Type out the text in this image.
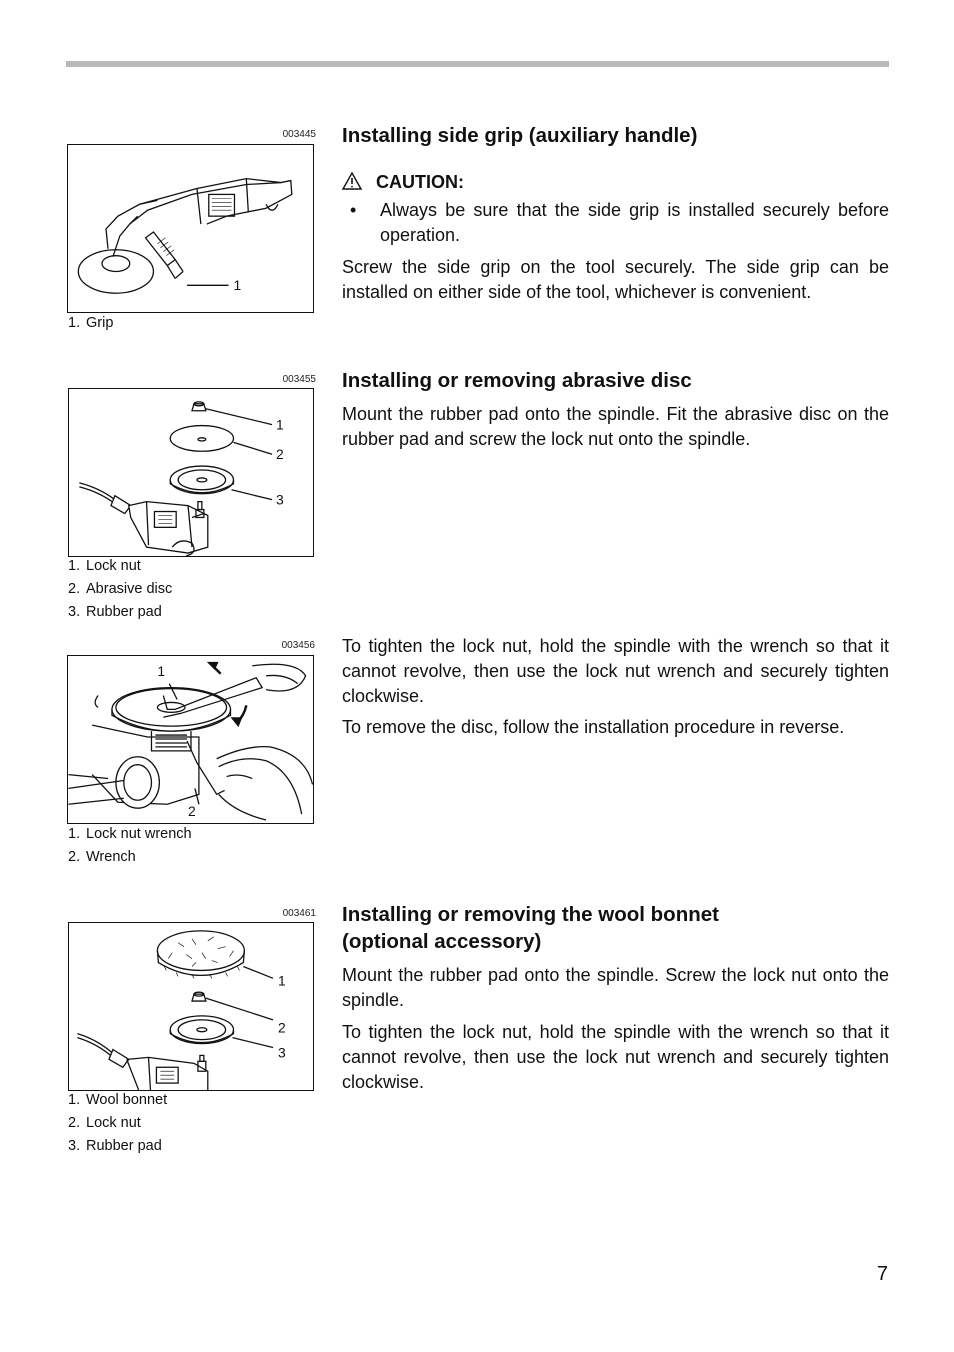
003445
1
1. Grip
Installing side grip (auxiliary handle)
CAUTION:
• Always be sure that the side grip is installed securely before operation.

Screw the side grip on the tool securely. The side grip can be installed on either side of the tool, whichever is convenient.

003455
1
2
3
1. Lock nut
2. Abrasive disc
3. Rubber pad
Installing or removing abrasive disc

Mount the rubber pad onto the spindle. Fit the abrasive disc on the rubber pad and screw the lock nut onto the spindle.

003456
1
2
1. Lock nut wrench
2. Wrench

To tighten the lock nut, hold the spindle with the wrench so that it cannot revolve, then use the lock nut wrench and securely tighten clockwise.

To remove the disc, follow the installation procedure in reverse.

003461
1
2
3
1. Wool bonnet
2. Lock nut
3. Rubber pad
Installing or removing the wool bonnet
(optional accessory)

Mount the rubber pad onto the spindle. Screw the lock nut onto the spindle.

To tighten the lock nut, hold the spindle with the wrench so that it cannot revolve, then use the lock nut wrench and securely tighten clockwise.

7
